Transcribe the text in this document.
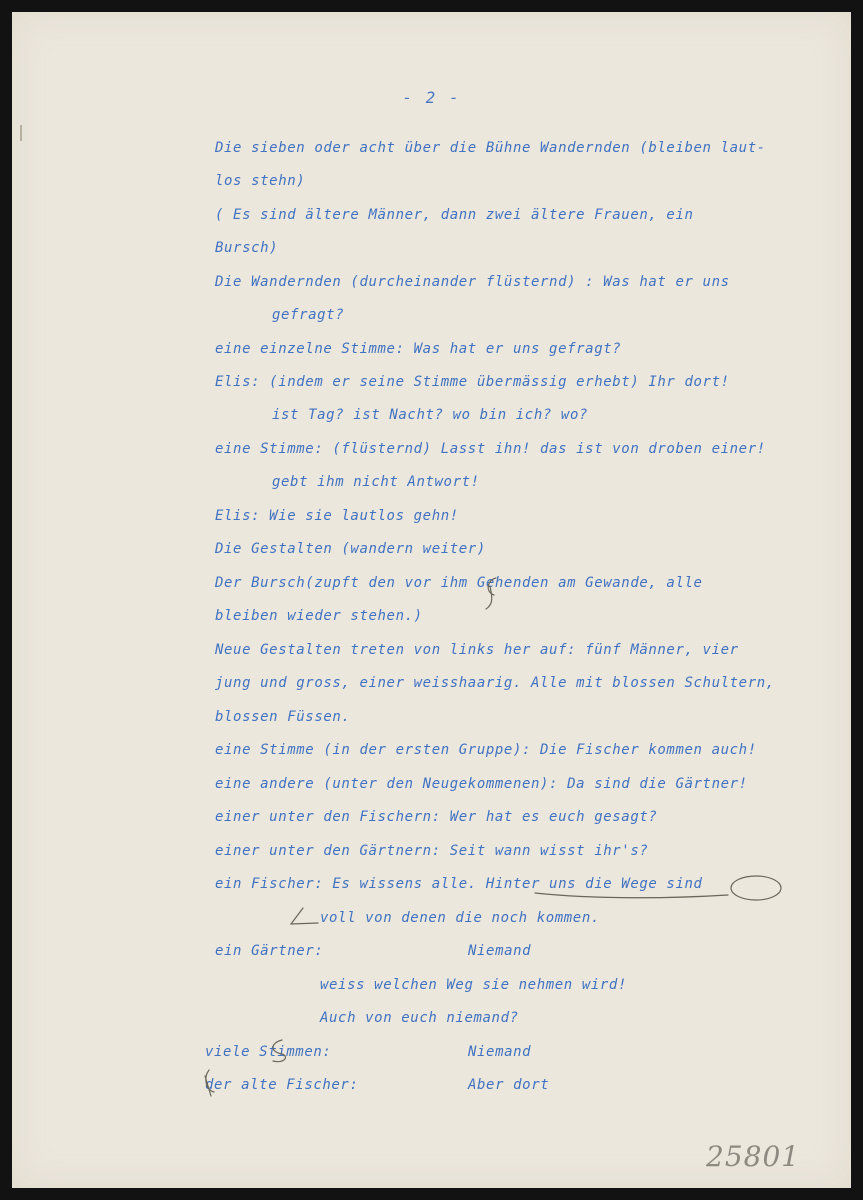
- 2 -
Die sieben oder acht über die Bühne Wandernden (bleiben laut-
los stehn)
( Es sind ältere Männer, dann zwei ältere Frauen, ein
Bursch)
Die Wandernden (durcheinander flüsternd) : Was hat er uns
gefragt?
eine einzelne Stimme: Was hat er uns gefragt?
Elis: (indem er seine Stimme übermässig erhebt) Ihr dort!
ist Tag? ist Nacht? wo bin ich? wo?
eine Stimme: (flüsternd) Lasst ihn! das ist von droben einer!
gebt ihm nicht Antwort!
Elis: Wie sie lautlos gehn!
Die Gestalten (wandern weiter)
Der Bursch(zupft den vor ihm Gehenden am Gewande, alle
bleiben wieder stehen.)
Neue Gestalten treten von links her auf: fünf Männer, vier
jung und gross, einer weisshaarig. Alle mit blossen Schultern,
blossen Füssen.
eine Stimme (in der ersten Gruppe): Die Fischer kommen auch!
eine andere (unter den Neugekommenen): Da sind die Gärtner!
einer unter den Fischern: Wer hat es euch gesagt?
einer unter den Gärtnern: Seit wann wisst ihr's?
ein Fischer: Es wissens alle. Hinter uns die Wege sind
voll von denen die noch kommen.
ein Gärtner:	Niemand
weiss welchen Weg sie nehmen wird!
Auch von euch niemand?
viele Stimmen:	Niemand
der alte Fischer:	Aber dort
25801
